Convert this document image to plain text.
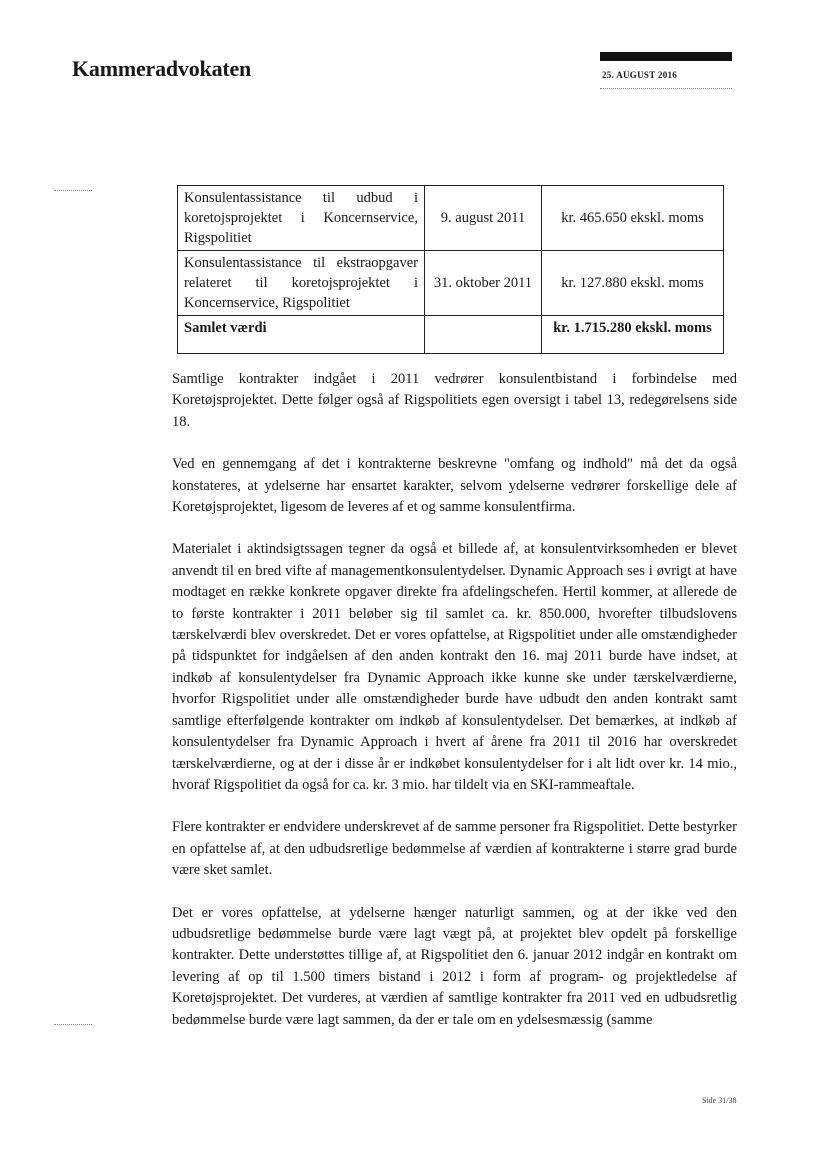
Kammeradvokaten	25. AUGUST 2016
Konsulentassistance til udbud i koretojsprojektet i Koncernservice, Rigspolitiet	9. august 2011	kr. 465.650 ekskl. moms
Konsulentassistance til ekstraopgaver relateret til koretojsprojektet i Koncernservice, Rigspolitiet	31. oktober 2011	kr. 127.880 ekskl. moms
Samlet værdi		kr. 1.715.280 ekskl. moms

Samtlige kontrakter indgået i 2011 vedrører konsulentbistand i forbindelse med Koretøjsprojektet. Dette følger også af Rigspolitiets egen oversigt i tabel 13, redegørelsens side 18.

Ved en gennemgang af det i kontrakterne beskrevne "omfang og indhold" må det da også konstateres, at ydelserne har ensartet karakter, selvom ydelserne vedrører forskellige dele af Koretøjsprojektet, ligesom de leveres af et og samme konsulentfirma.

Materialet i aktindsigtssagen tegner da også et billede af, at konsulentvirksomheden er blevet anvendt til en bred vifte af managementkonsulentydelser. Dynamic Approach ses i øvrigt at have modtaget en række konkrete opgaver direkte fra afdelingschefen. Hertil kommer, at allerede de to første kontrakter i 2011 beløber sig til samlet ca. kr. 850.000, hvorefter tilbudslovens tærskelværdi blev overskredet. Det er vores opfattelse, at Rigspolitiet under alle omstændigheder på tidspunktet for indgåelsen af den anden kontrakt den 16. maj 2011 burde have indset, at indkøb af konsulentydelser fra Dynamic Approach ikke kunne ske under tærskelværdierne, hvorfor Rigspolitiet under alle omstændigheder burde have udbudt den anden kontrakt samt samtlige efterfølgende kontrakter om indkøb af konsulentydelser. Det bemærkes, at indkøb af konsulentydelser fra Dynamic Approach i hvert af årene fra 2011 til 2016 har overskredet tærskelværdierne, og at der i disse år er indkøbet konsulentydelser for i alt lidt over kr. 14 mio., hvoraf Rigspolitiet da også for ca. kr. 3 mio. har tildelt via en SKI-rammeaftale.

Flere kontrakter er endvidere underskrevet af de samme personer fra Rigspolitiet. Dette bestyrker en opfattelse af, at den udbudsretlige bedømmelse af værdien af kontrakterne i større grad burde være sket samlet.

Det er vores opfattelse, at ydelserne hænger naturligt sammen, og at der ikke ved den udbudsretlige bedømmelse burde være lagt vægt på, at projektet blev opdelt på forskellige kontrakter. Dette understøttes tillige af, at Rigspolitiet den 6. januar 2012 indgår en kontrakt om levering af op til 1.500 timers bistand i 2012 i form af program- og projektledelse af Koretøjsprojektet. Det vurderes, at værdien af samtlige kontrakter fra 2011 ved en udbudsretlig bedømmelse burde være lagt sammen, da der er tale om en ydelsesmæssig (samme

Side 31/38
